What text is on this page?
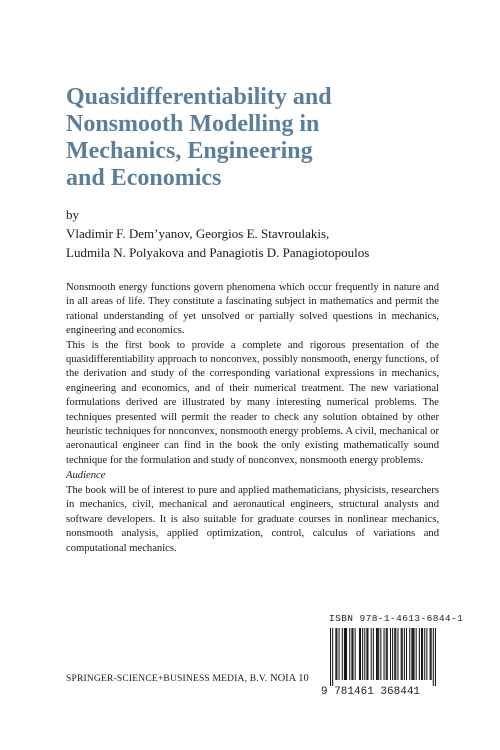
Quasidifferentiability and
Nonsmooth Modelling in
Mechanics, Engineering
and Economics

by

Vladimir F. Dem’yanov, Georgios E. Stavroulakis,
Ludmila N. Polyakova and Panagiotis D. Panagiotopoulos

Nonsmooth energy functions govern phenomena which occur frequently in nature and in all areas of life. They constitute a fascinating subject in mathematics and permit the rational understanding of yet unsolved or partially solved questions in mechanics, engineering and economics.

This is the first book to provide a complete and rigorous presentation of the quasidifferentiability approach to nonconvex, possibly nonsmooth, energy functions, of the derivation and study of the corresponding variational expressions in mechanics, engineering and economics, and of their numerical treatment. The new variational formulations derived are illustrated by many interesting numerical problems. The techniques presented will permit the reader to check any solution obtained by other heuristic techniques for nonconvex, nonsmooth energy problems. A civil, mechanical or aeronautical engineer can find in the book the only existing mathematically sound technique for the formulation and study of nonconvex, nonsmooth energy problems.

Audience

The book will be of interest to pure and applied mathematicians, physicists, researchers in mechanics, civil, mechanical and aeronautical engineers, structural analysts and software developers. It is also suitable for graduate courses in nonlinear mechanics, nonsmooth analysis, applied optimization, control, calculus of variations and computational mechanics.

ISBN 978-1-4613-6844-1
9 781461 368441

SPRINGER-SCIENCE+BUSINESS MEDIA, B.V. NOIA 10
